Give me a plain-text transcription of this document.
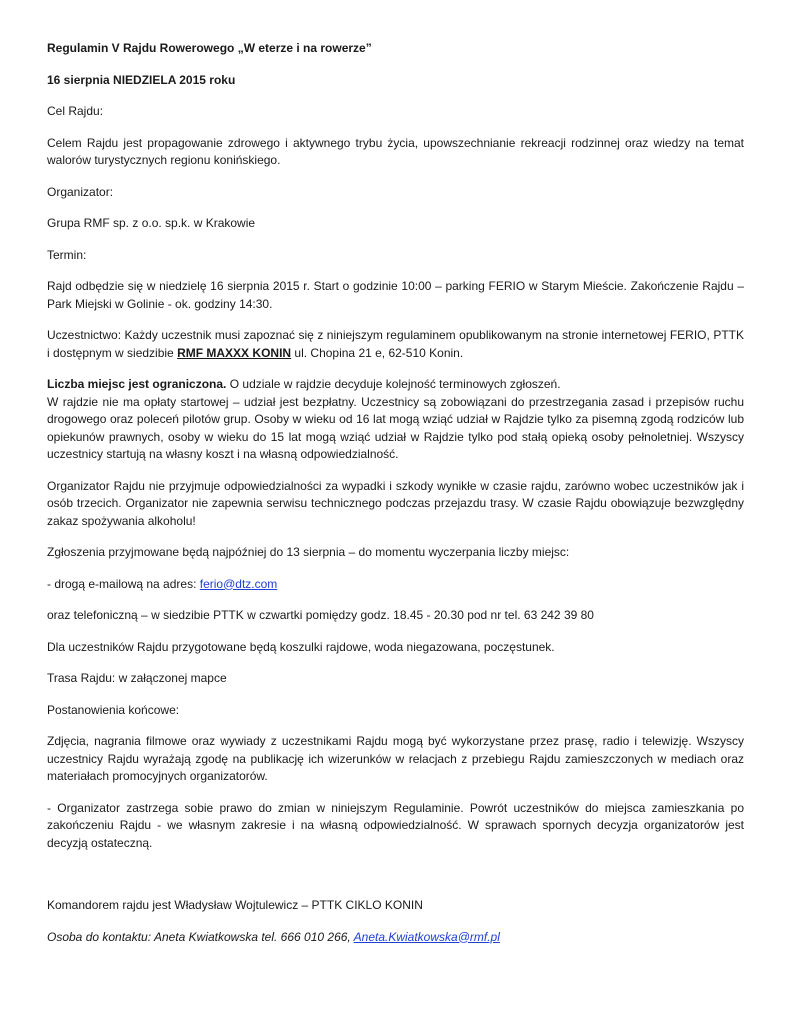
Regulamin V Rajdu Rowerowego „W eterze i na rowerze”

16 sierpnia NIEDZIELA 2015 roku

Cel Rajdu:

Celem Rajdu jest propagowanie zdrowego i aktywnego trybu życia, upowszechnianie rekreacji rodzinnej oraz wiedzy na temat walorów turystycznych regionu konińskiego.

Organizator:

Grupa RMF sp. z o.o. sp.k. w Krakowie

Termin:

Rajd odbędzie się w niedzielę 16 sierpnia 2015 r. Start o godzinie 10:00 – parking FERIO w Starym Mieście. Zakończenie Rajdu – Park Miejski w Golinie - ok. godziny 14:30.

Uczestnictwo: Każdy uczestnik musi zapoznać się z niniejszym regulaminem opublikowanym na stronie internetowej FERIO, PTTK i dostępnym w siedzibie RMF MAXXX KONIN ul. Chopina 21 e, 62-510 Konin.

Liczba miejsc jest ograniczona. O udziale w rajdzie decyduje kolejność terminowych zgłoszeń.

W rajdzie nie ma opłaty startowej – udział jest bezpłatny. Uczestnicy są zobowiązani do przestrzegania zasad i przepisów ruchu drogowego oraz poleceń pilotów grup. Osoby w wieku od 16 lat mogą wziąć udział w Rajdzie tylko za pisemną zgodą rodziców lub opiekunów prawnych, osoby w wieku do 15 lat mogą wziąć udział w Rajdzie tylko pod stałą opieką osoby pełnoletniej. Wszyscy uczestnicy startują na własny koszt i na własną odpowiedzialność.

Organizator Rajdu nie przyjmuje odpowiedzialności za wypadki i szkody wynikłe w czasie rajdu, zarówno wobec uczestników jak i osób trzecich. Organizator nie zapewnia serwisu technicznego podczas przejazdu trasy. W czasie Rajdu obowiązuje bezwzględny zakaz spożywania alkoholu!

Zgłoszenia przyjmowane będą najpóźniej do 13 sierpnia – do momentu wyczerpania liczby miejsc:

- drogą e-mailową na adres: ferio@dtz.com

oraz telefoniczną – w siedzibie PTTK w czwartki pomiędzy godz. 18.45 - 20.30 pod nr tel. 63 242 39 80

Dla uczestników Rajdu przygotowane będą koszulki rajdowe, woda niegazowana, poczęstunek.

Trasa Rajdu: w załączonej mapce

Postanowienia końcowe:

Zdjęcia, nagrania filmowe oraz wywiady z uczestnikami Rajdu mogą być wykorzystane przez prasę, radio i telewizję. Wszyscy uczestnicy Rajdu wyrażają zgodę na publikację ich wizerunków w relacjach z przebiegu Rajdu zamieszczonych w mediach oraz materiałach promocyjnych organizatorów.

- Organizator zastrzega sobie prawo do zmian w niniejszym Regulaminie. Powrót uczestników do miejsca zamieszkania po zakończeniu Rajdu - we własnym zakresie i na własną odpowiedzialność. W sprawach spornych decyzja organizatorów jest decyzją ostateczną.

Komandorem rajdu jest Władysław Wojtulewicz – PTTK CIKLO KONIN

Osoba do kontaktu: Aneta Kwiatkowska tel. 666 010 266, Aneta.Kwiatkowska@rmf.pl
